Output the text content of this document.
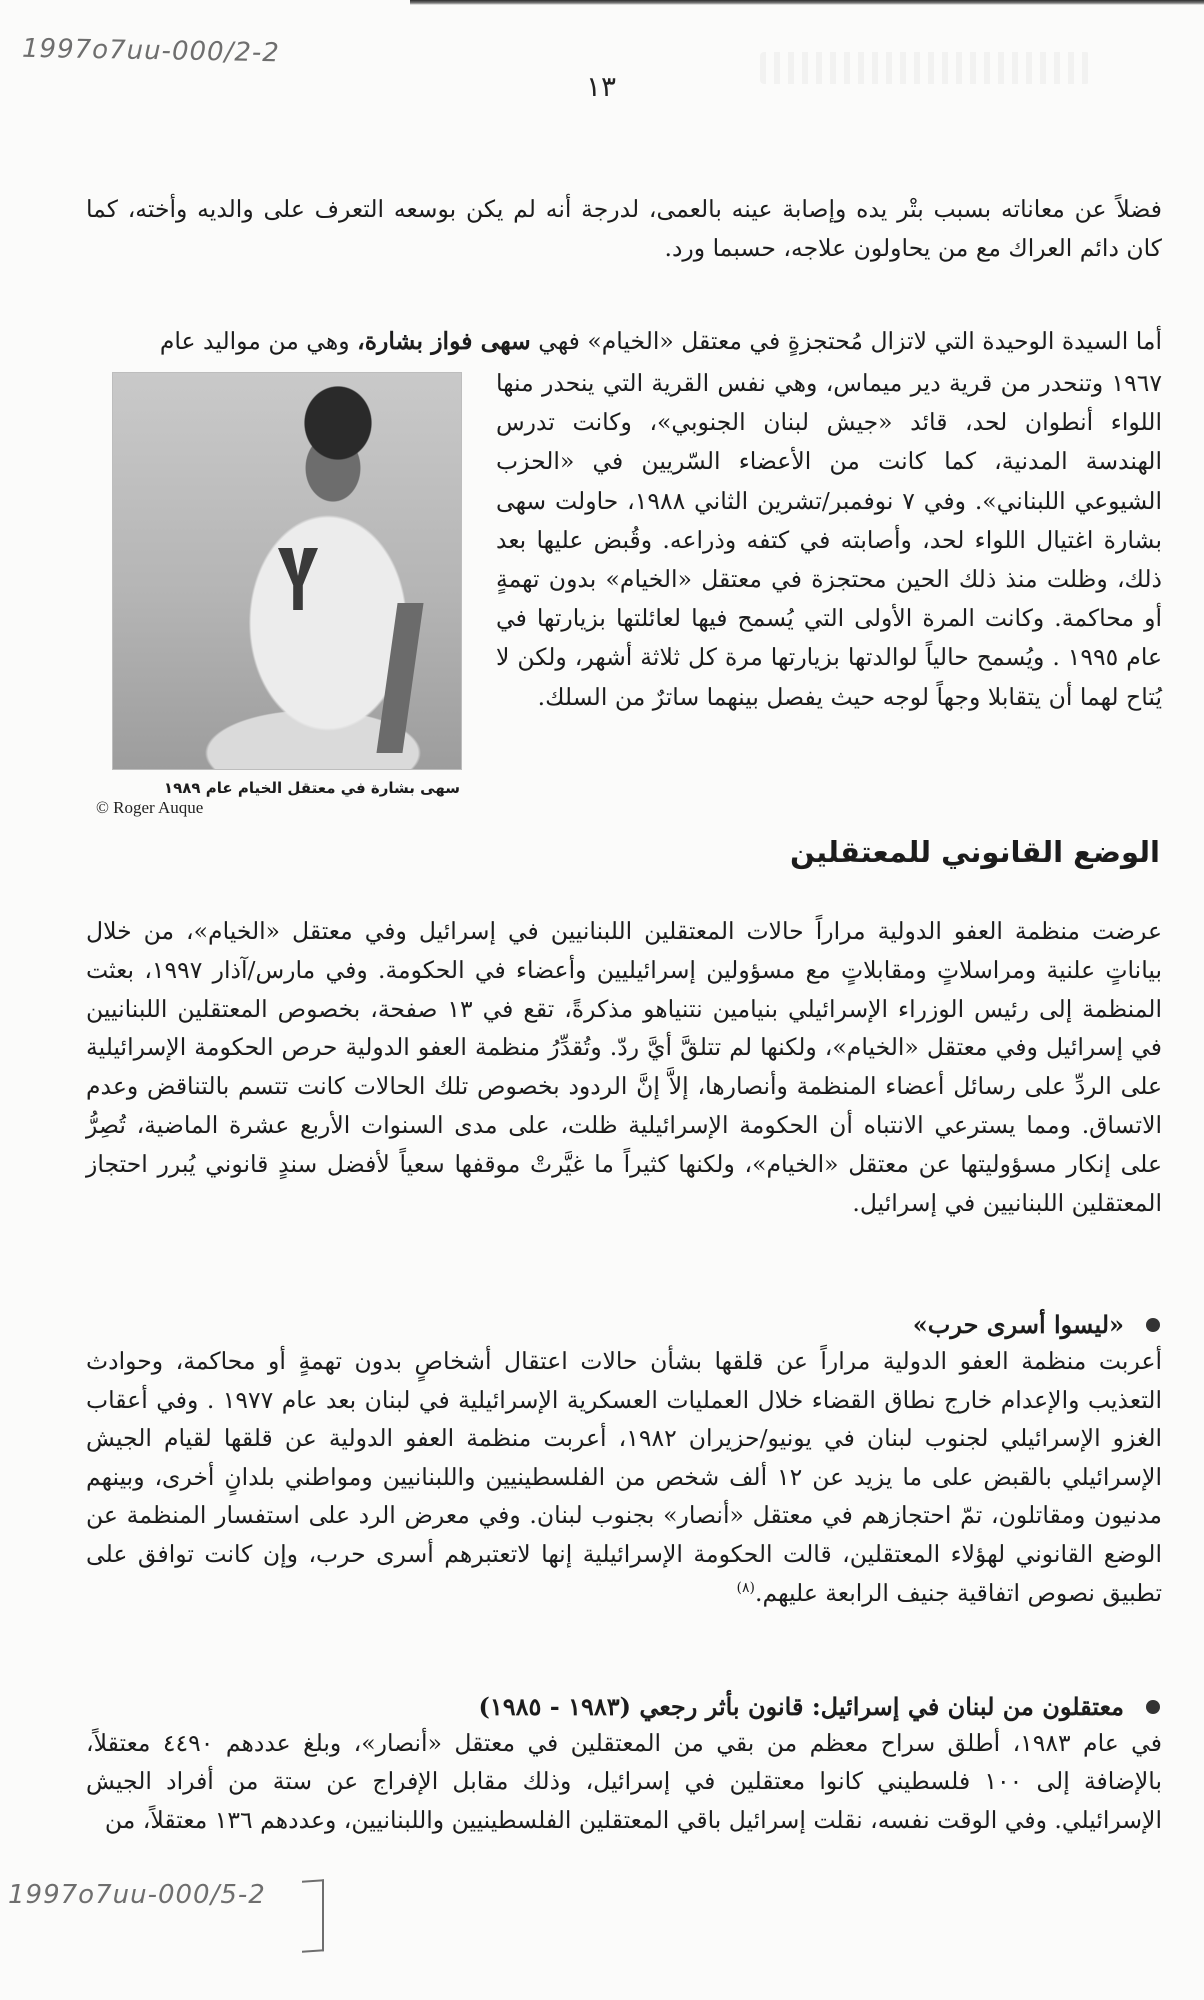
1997o7uu-000/2-2
١٣

فضلاً عن معاناته بسبب بتْر يده وإصابة عينه بالعمى، لدرجة أنه لم يكن بوسعه التعرف على والديه وأخته، كما كان دائم العراك مع من يحاولون علاجه، حسبما ورد.

أما السيدة الوحيدة التي لاتزال مُحتجزةٍ في معتقل «الخيام» فهي سهى فواز بشارة، وهي من مواليد عام

١٩٦٧ وتنحدر من قرية دير ميماس، وهي نفس القرية التي ينحدر منها اللواء أنطوان لحد، قائد «جيش لبنان الجنوبي»، وكانت تدرس الهندسة المدنية، كما كانت من الأعضاء السّريين في «الحزب الشيوعي اللبناني». وفي ٧ نوفمبر/تشرين الثاني ١٩٨٨، حاولت سهى بشارة اغتيال اللواء لحد، وأصابته في كتفه وذراعه. وقُبض عليها بعد ذلك، وظلت منذ ذلك الحين محتجزة في معتقل «الخيام» بدون تهمةٍ أو محاكمة. وكانت المرة الأولى التي يُسمح فيها لعائلتها بزيارتها في عام ١٩٩٥ . ويُسمح حالياً لوالدتها بزيارتها مرة كل ثلاثة أشهر، ولكن لا يُتاح لهما أن يتقابلا وجهاً لوجه حيث يفصل بينهما ساترٌ من السلك.

سهى بشارة في معتقل الخيام عام ١٩٨٩
© Roger Auque
الوضع القانوني للمعتقلين

عرضت منظمة العفو الدولية مراراً حالات المعتقلين اللبنانيين في إسرائيل وفي معتقل «الخيام»، من خلال بياناتٍ علنية ومراسلاتٍ ومقابلاتٍ مع مسؤولين إسرائيليين وأعضاء في الحكومة. وفي مارس/آذار ١٩٩٧، بعثت المنظمة إلى رئيس الوزراء الإسرائيلي بنيامين نتنياهو مذكرةً، تقع في ١٣ صفحة، بخصوص المعتقلين اللبنانيين في إسرائيل وفي معتقل «الخيام»، ولكنها لم تتلقَّ أيَّ ردّ. وتُقدِّرُ منظمة العفو الدولية حرص الحكومة الإسرائيلية على الردِّ على رسائل أعضاء المنظمة وأنصارها، إلاَّ إنَّ الردود بخصوص تلك الحالات كانت تتسم بالتناقض وعدم الاتساق. ومما يسترعي الانتباه أن الحكومة الإسرائيلية ظلت، على مدى السنوات الأربع عشرة الماضية، تُصِرُّ على إنكار مسؤوليتها عن معتقل «الخيام»، ولكنها كثيراً ما غيَّرتْ موقفها سعياً لأفضل سندٍ قانوني يُبرر احتجاز المعتقلين اللبنانيين في إسرائيل.

«ليسوا أسرى حرب»

أعربت منظمة العفو الدولية مراراً عن قلقها بشأن حالات اعتقال أشخاصٍ بدون تهمةٍ أو محاكمة، وحوادث التعذيب والإعدام خارج نطاق القضاء خلال العمليات العسكرية الإسرائيلية في لبنان بعد عام ١٩٧٧ . وفي أعقاب الغزو الإسرائيلي لجنوب لبنان في يونيو/حزيران ١٩٨٢، أعربت منظمة العفو الدولية عن قلقها لقيام الجيش الإسرائيلي بالقبض على ما يزيد عن ١٢ ألف شخص من الفلسطينيين واللبنانيين ومواطني بلدانٍ أخرى، وبينهم مدنيون ومقاتلون، تمّ احتجازهم في معتقل «أنصار» بجنوب لبنان. وفي معرض الرد على استفسار المنظمة عن الوضع القانوني لهؤلاء المعتقلين، قالت الحكومة الإسرائيلية إنها لاتعتبرهم أسرى حرب، وإن كانت توافق على تطبيق نصوص اتفاقية جنيف الرابعة عليهم.$^{(٨)}$

معتقلون من لبنان في إسرائيل: قانون بأثر رجعي (١٩٨٣ - ١٩٨٥)

في عام ١٩٨٣، أطلق سراح معظم من بقي من المعتقلين في معتقل «أنصار»، وبلغ عددهم ٤٤٩٠ معتقلاً، بالإضافة إلى ١٠٠ فلسطيني كانوا معتقلين في إسرائيل، وذلك مقابل الإفراج عن ستة من أفراد الجيش الإسرائيلي. وفي الوقت نفسه، نقلت إسرائيل باقي المعتقلين الفلسطينيين واللبنانيين، وعددهم ١٣٦ معتقلاً، من

1997o7uu-000/5-2
